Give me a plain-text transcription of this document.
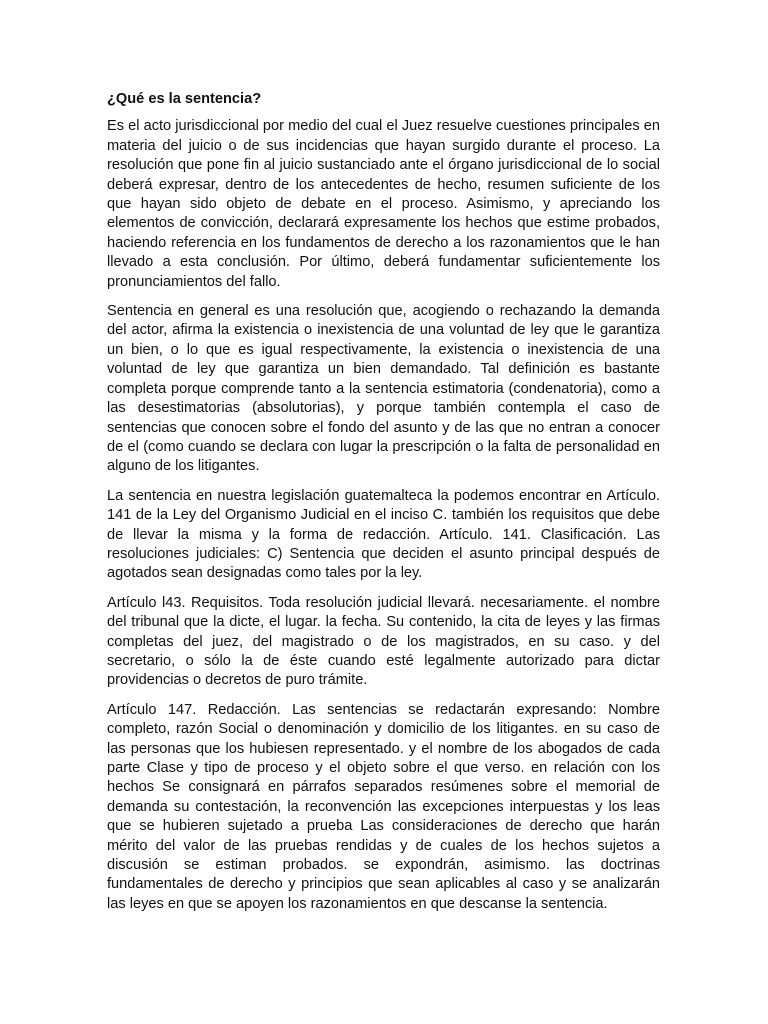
¿Qué es la sentencia?

Es el acto jurisdiccional por medio del cual el Juez resuelve cuestiones principales en materia del juicio o de sus incidencias que hayan surgido durante el proceso. La resolución que pone fin al juicio sustanciado ante el órgano jurisdiccional de lo social deberá expresar, dentro de los antecedentes de hecho, resumen suficiente de los que hayan sido objeto de debate en el proceso. Asimismo, y apreciando los elementos de convicción, declarará expresamente los hechos que estime probados, haciendo referencia en los fundamentos de derecho a los razonamientos que le han llevado a esta conclusión. Por último, deberá fundamentar suficientemente los pronunciamientos del fallo.

Sentencia en general es una resolución que, acogiendo o rechazando la demanda del actor, afirma la existencia o inexistencia de una voluntad de ley que le garantiza un bien, o lo que es igual respectivamente, la existencia o inexistencia de una voluntad de ley que garantiza un bien demandado. Tal definición es bastante completa porque comprende tanto a la sentencia estimatoria (condenatoria), como a las desestimatorias (absolutorias), y porque también contempla el caso de sentencias que conocen sobre el fondo del asunto y de las que no entran a conocer de el (como cuando se declara con lugar la prescripción o la falta de personalidad en alguno de los litigantes.

La sentencia en nuestra legislación guatemalteca la podemos encontrar en Artículo. 141 de la Ley del Organismo Judicial en el inciso C. también los requisitos que debe de llevar la misma y la forma de redacción. Artículo. 141. Clasificación. Las resoluciones judiciales: C) Sentencia que deciden el asunto principal después de agotados sean designadas como tales por la ley.

Artículo l43. Requisitos. Toda resolución judicial llevará. necesariamente. el nombre del tribunal que la dicte, el lugar. la fecha. Su contenido, la cita de leyes y las firmas completas del juez, del magistrado o de los magistrados, en su caso. y del secretario, o sólo la de éste cuando esté legalmente autorizado para dictar providencias o decretos de puro trámite.

Artículo 147. Redacción. Las sentencias se redactarán expresando: Nombre completo, razón Social o denominación y domicilio de los litigantes. en su caso de las personas que los hubiesen representado. y el nombre de los abogados de cada parte Clase y tipo de proceso y el objeto sobre el que verso. en relación con los hechos Se consignará en párrafos separados resúmenes sobre el memorial de demanda su contestación, la reconvención las excepciones interpuestas y los leas que se hubieren sujetado a prueba Las consideraciones de derecho que harán mérito del valor de las pruebas rendidas y de cuales de los hechos sujetos a discusión se estiman probados. se expondrán, asimismo. las doctrinas fundamentales de derecho y principios que sean aplicables al caso y se analizarán las leyes en que se apoyen los razonamientos en que descanse la sentencia.
